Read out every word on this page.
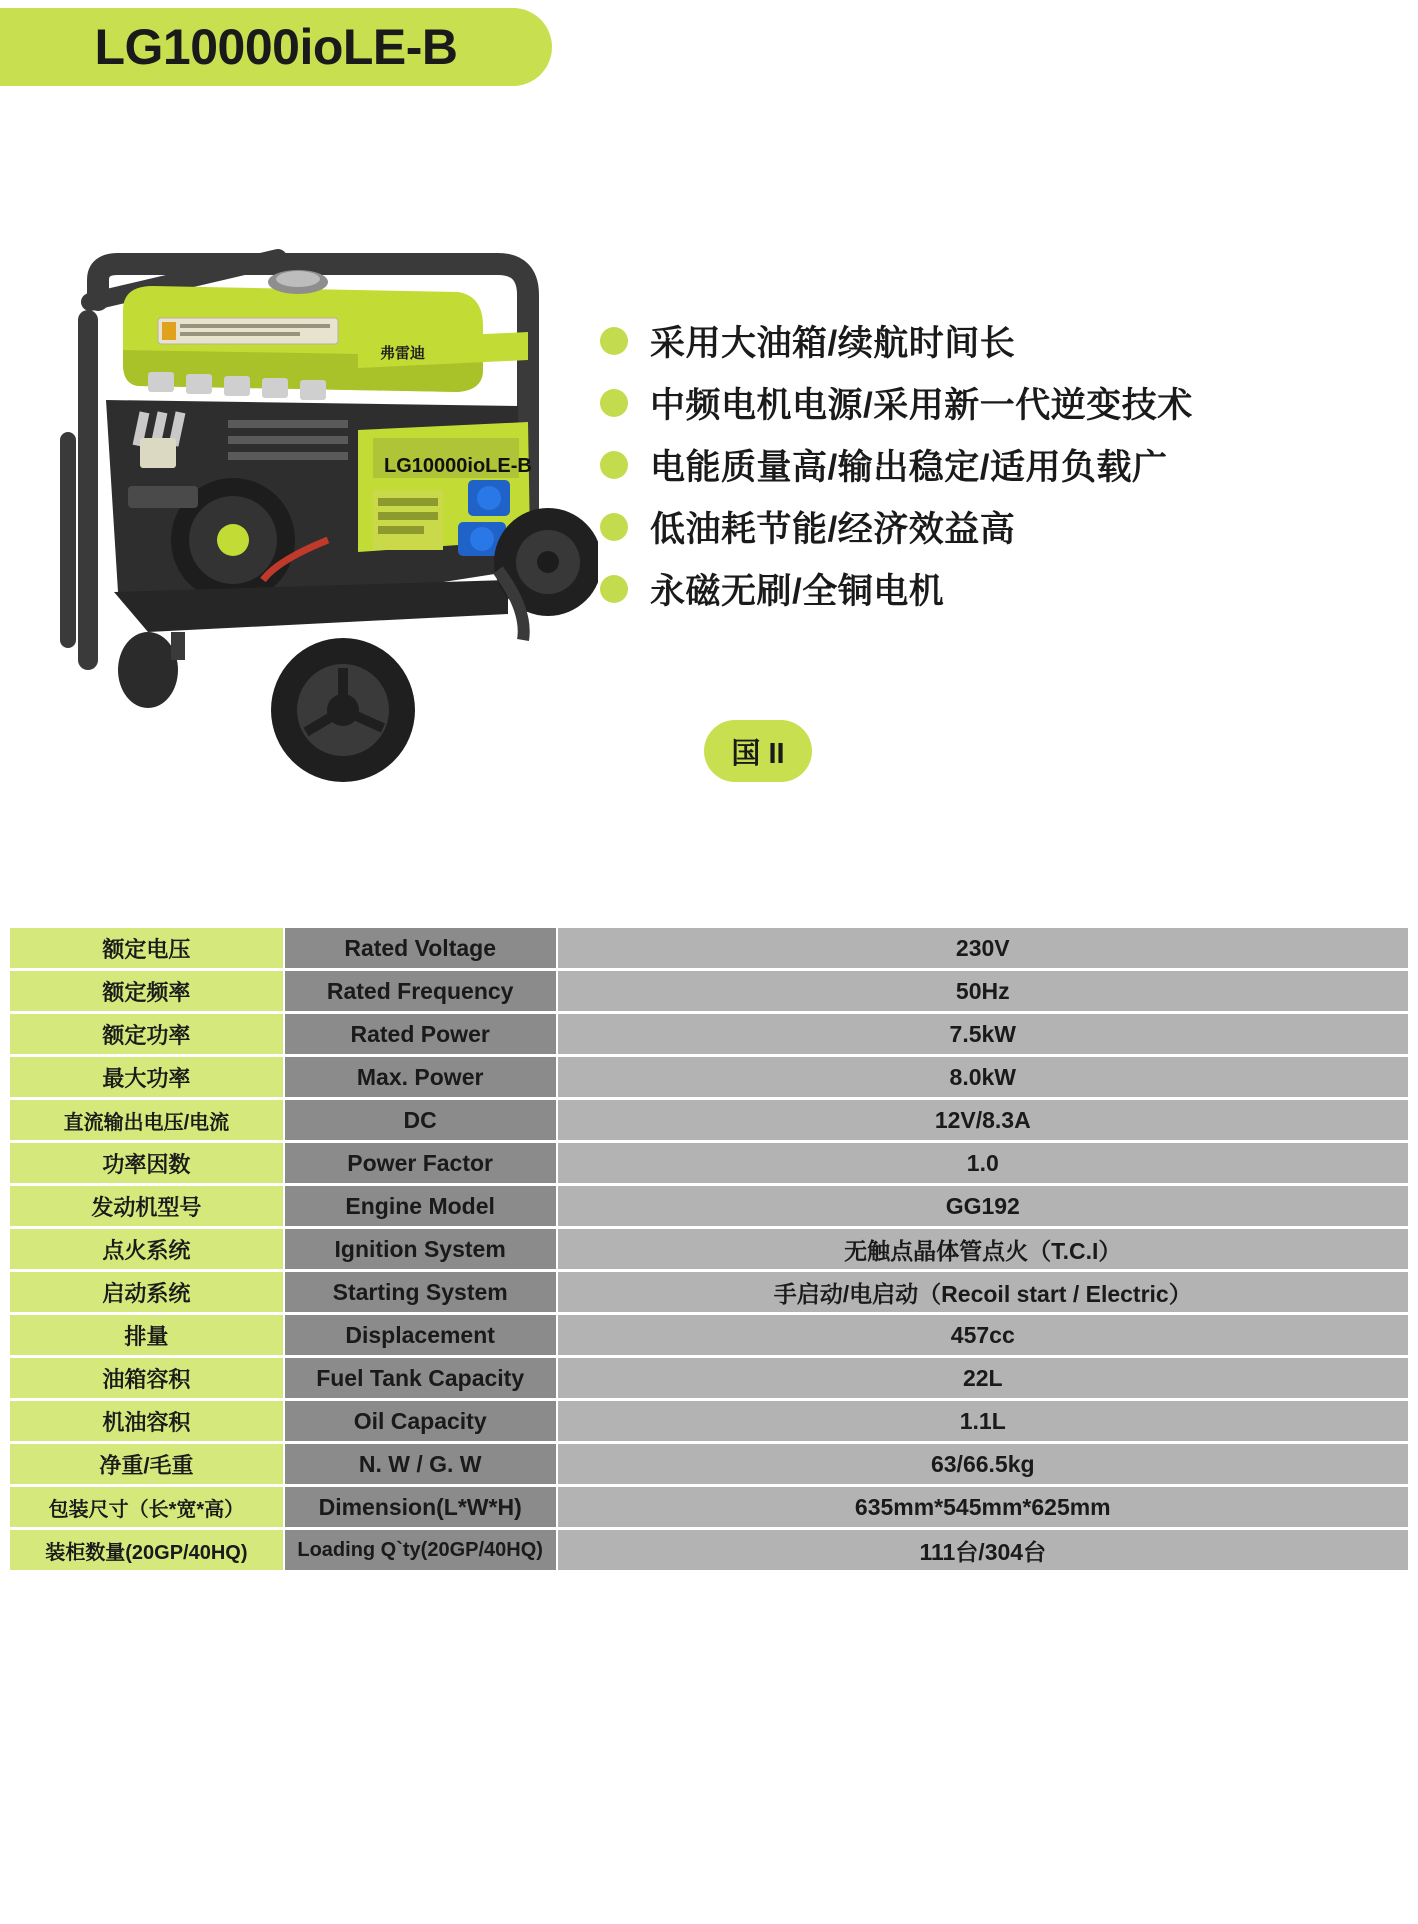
LG10000ioLE-B
弗雷迪
LG10000ioLE-B
采用大油箱/续航时间长
中频电机电源/采用新一代逆变技术
电能质量高/输出稳定/适用负载广
低油耗节能/经济效益高
永磁无刷/全铜电机
国 II
额定电压	Rated Voltage	230V
额定频率	Rated Frequency	50Hz
额定功率	Rated Power	7.5kW
最大功率	Max. Power	8.0kW
直流输出电压/电流	DC	12V/8.3A
功率因数	Power Factor	1.0
发动机型号	Engine Model	GG192
点火系统	Ignition System	无触点晶体管点火（T.C.I）
启动系统	Starting System	手启动/电启动（Recoil start / Electric）
排量	Displacement	457cc
油箱容积	Fuel Tank Capacity	22L
机油容积	Oil Capacity	1.1L
净重/毛重	N. W / G. W	63/66.5kg
包装尺寸（长*宽*高）	Dimension(L*W*H)	635mm*545mm*625mm
装柜数量(20GP/40HQ)	Loading Q`ty(20GP/40HQ)	111台/304台
